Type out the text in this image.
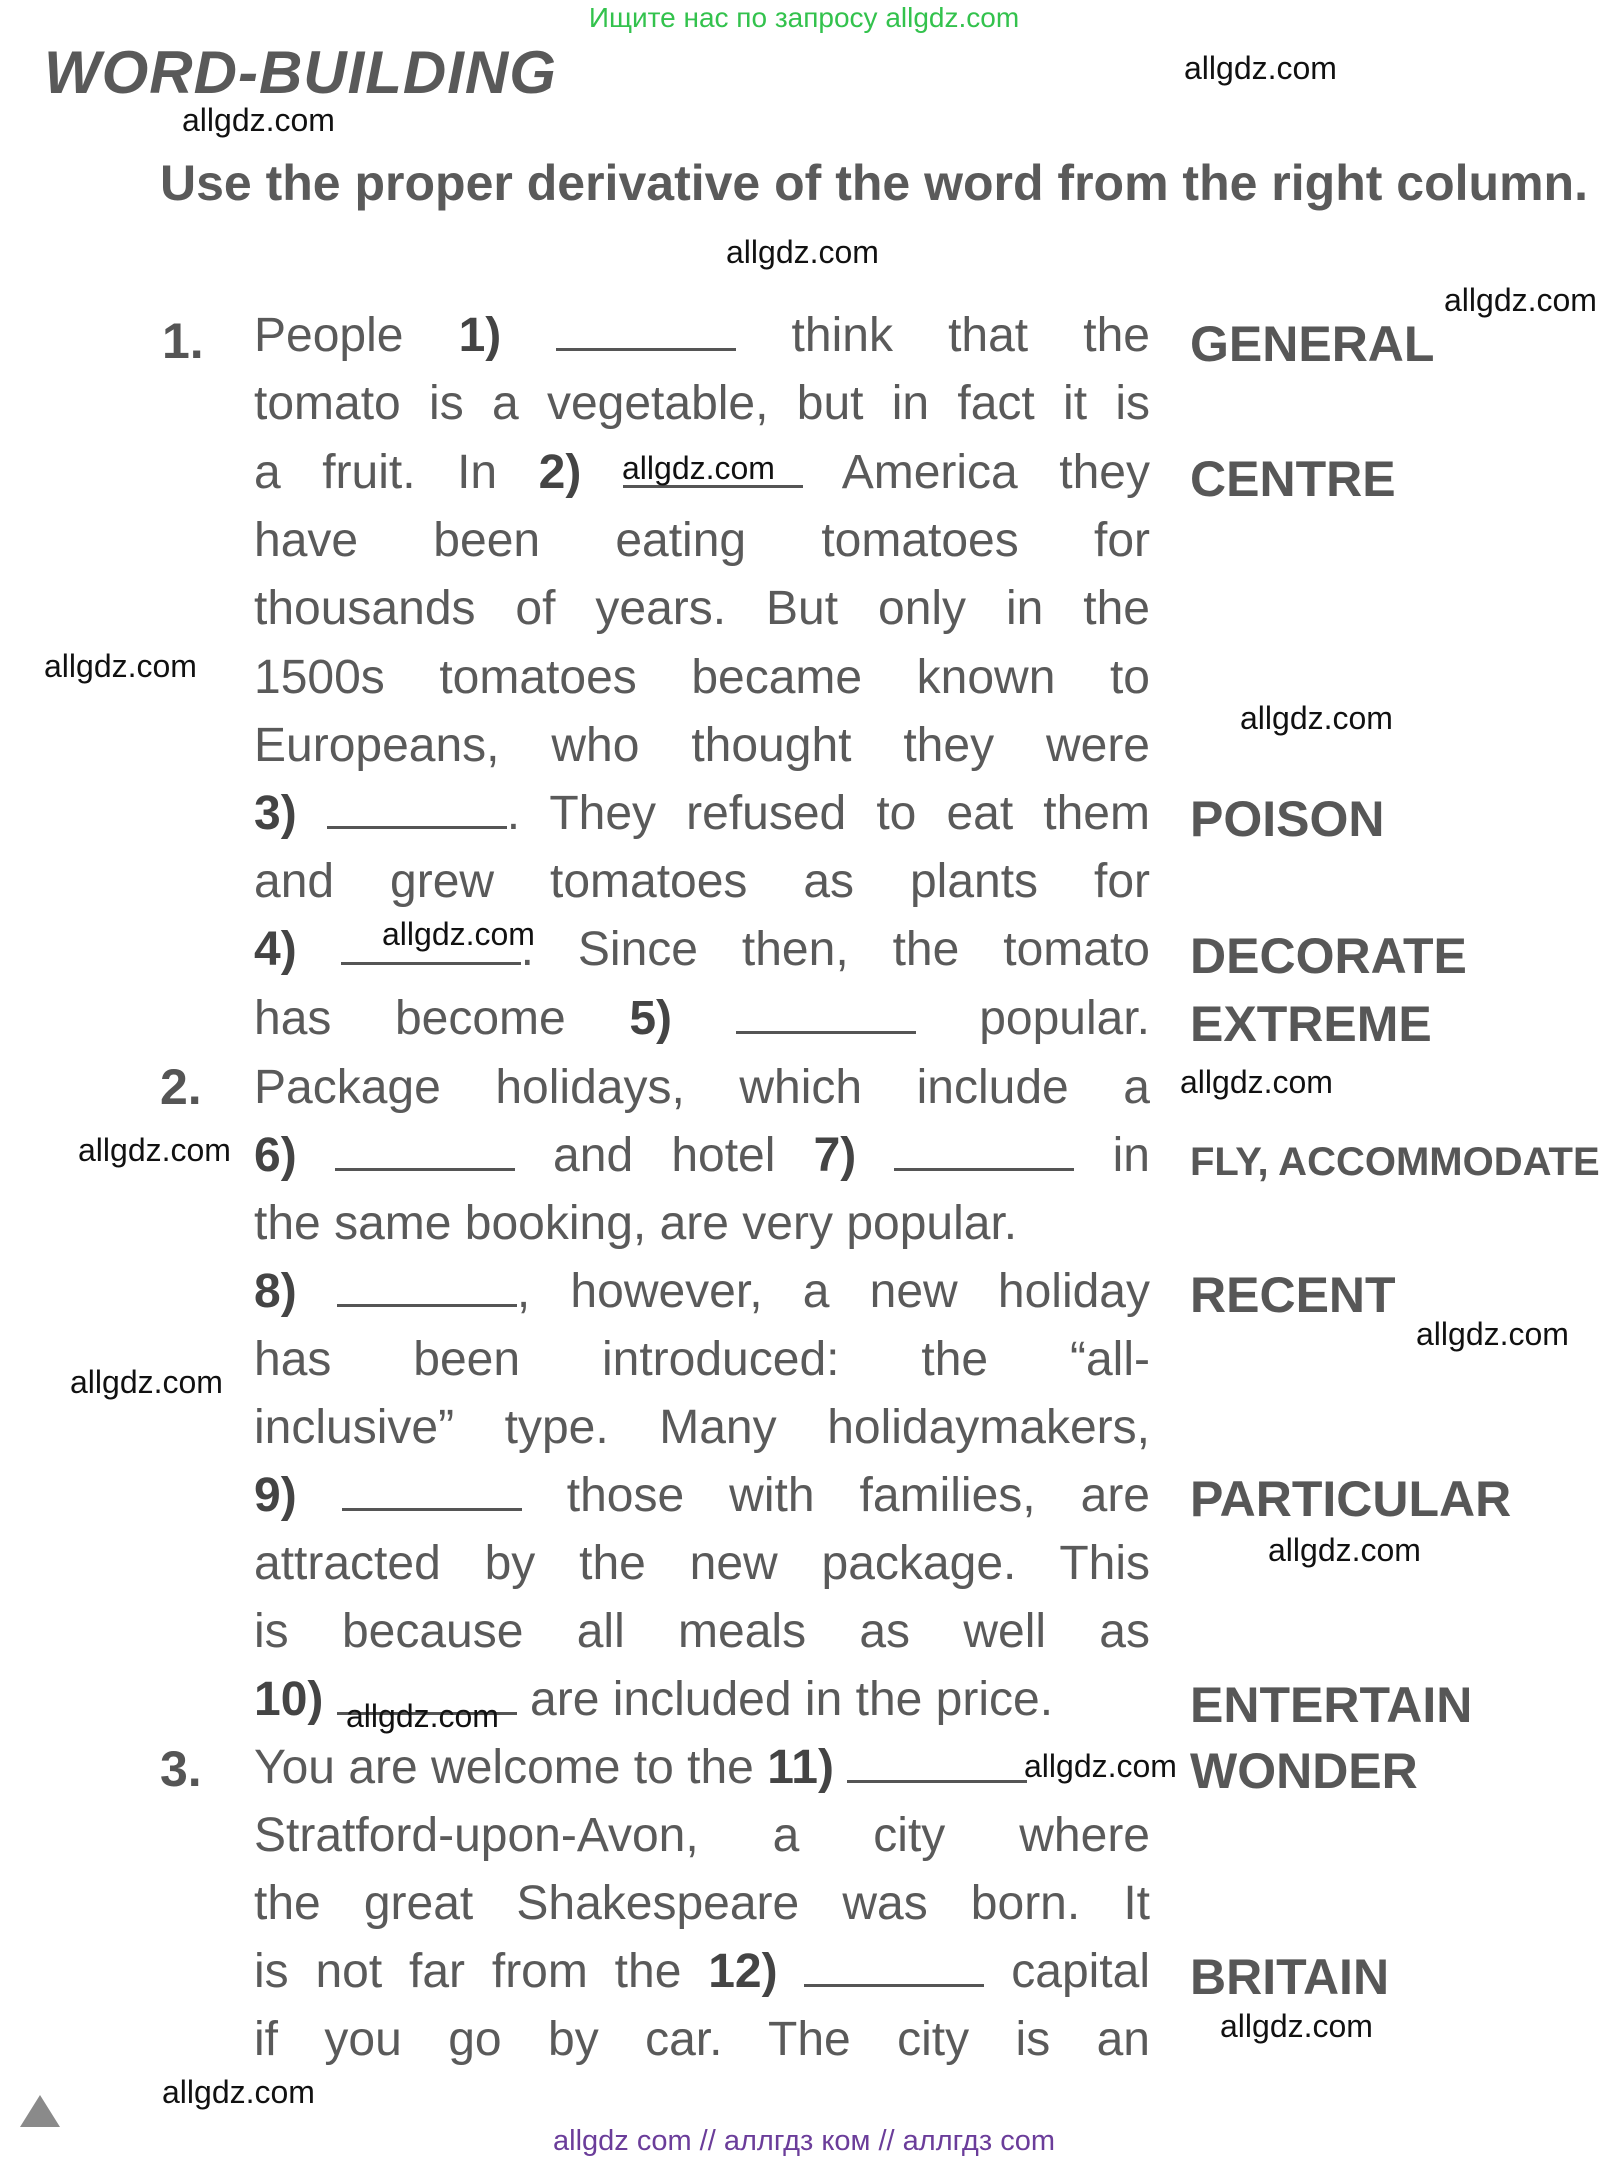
Ищите нас по запросу allgdz.com
WORD-BUILDING
Use the proper derivative of the word from the right column.
1.
2.
3.
People 1)	think that the
tomato is a vegetable, but in fact it is
a fruit. In 2)	America they
have been eating tomatoes for
thousands of years. But only in the
1500s tomatoes became known to
Europeans, who thought they were
3)	. They refused to eat them
and grew tomatoes as plants for
4)	. Since then, the tomato
has become 5)	popular.
Package holidays, which include a
6)	and hotel 7)	in
the same booking, are very popular.
8)	, however, a new holiday
has been introduced: the “all-
inclusive” type. Many holidaymakers,
9)	those with families, are
attracted by the new package. This
is because all meals as well as
10)	are included in the price.
You are welcome to the 11)
Stratford-upon-Avon, a city where
the great Shakespeare was born. It
is not far from the 12)	capital
if you go by car. The city is an
GENERAL
CENTRE
POISON
DECORATE
EXTREME
FLY, ACCOMMODATE
RECENT
PARTICULAR
ENTERTAIN
WONDER
BRITAIN
allgdz.com
allgdz.com
allgdz.com
allgdz.com
allgdz.com
allgdz.com
allgdz.com
allgdz.com
allgdz.com
allgdz.com
allgdz.com
allgdz.com
allgdz.com
allgdz.com
allgdz.com
allgdz.com
allgdz.com
allgdz com // аллгдз ком // аллгдз com
